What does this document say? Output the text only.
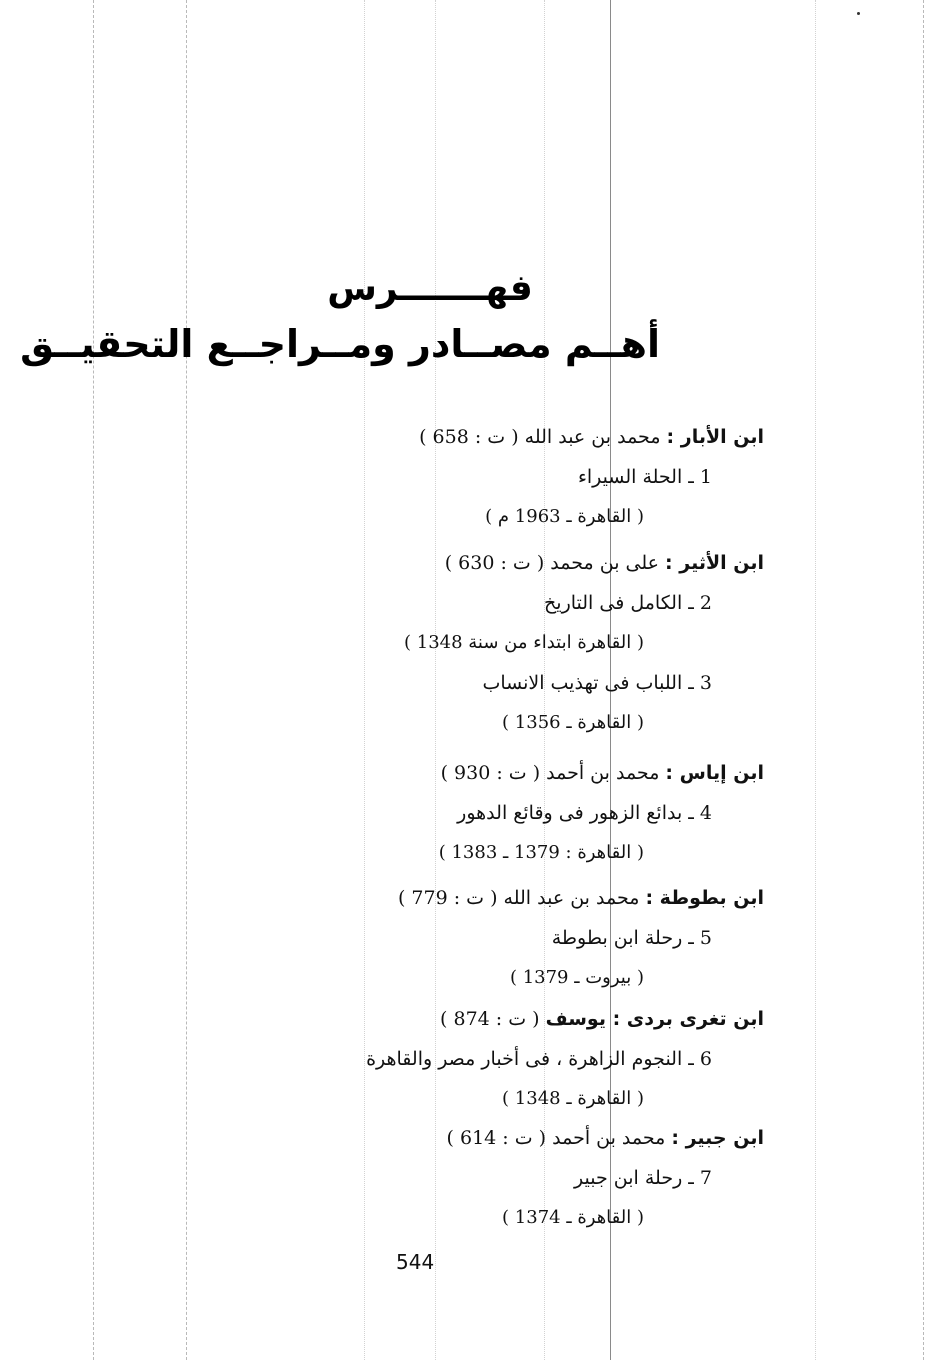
فهـــــــرس
أهــم مصــادر ومــراجــع التحقيــق
ابن الأبار : محمد بن عبد الله ( ت : 658 )
1 ـ الحلة السيراء
( القاهرة ـ 1963 م )
ابن الأثير : على بن محمد ( ت : 630 )
2 ـ الكامل فى التاريخ
( القاهرة ابتداء من سنة 1348 )
3 ـ اللباب فى تهذيب الانساب
( القاهرة ـ 1356 )
ابن إياس : محمد بن أحمد ( ت : 930 )
4 ـ بدائع الزهور فى وقائع الدهور
( القاهرة : 1379 ـ 1383 )
ابن بطوطة : محمد بن عبد الله ( ت : 779 )
5 ـ رحلة ابن بطوطة
( بيروت ـ 1379 )
ابن تغرى بردى : يوسف ( ت : 874 )
6 ـ النجوم الزاهرة ، فى أخبار مصر والقاهرة
( القاهرة ـ 1348 )
ابن جبير : محمد بن أحمد ( ت : 614 )
7 ـ رحلة ابن جبير
( القاهرة ـ 1374 )
544
